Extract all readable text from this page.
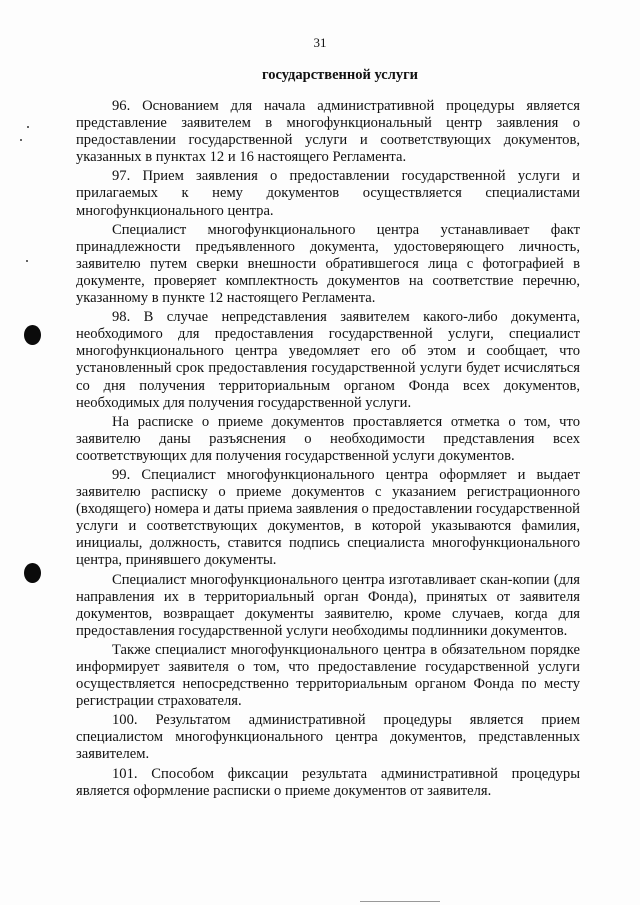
31
государственной услуги

96. Основанием для начала административной процедуры является представление заявителем в многофункциональный центр заявления о предоставлении государственной услуги и соответствующих документов, указанных в пунктах 12 и 16 настоящего Регламента.

97. Прием заявления о предоставлении государственной услуги и прилагаемых к нему документов осуществляется специалистами многофункционального центра.

Специалист многофункционального центра устанавливает факт принадлежности предъявленного документа, удостоверяющего личность, заявителю путем сверки внешности обратившегося лица с фотографией в документе, проверяет комплектность документов на соответствие перечню, указанному в пункте 12 настоящего Регламента.

98. В случае непредставления заявителем какого-либо документа, необходимого для предоставления государственной услуги, специалист многофункционального центра уведомляет его об этом и сообщает, что установленный срок предоставления государственной услуги будет исчисляться со дня получения территориальным органом Фонда всех документов, необходимых для получения государственной услуги.

На расписке о приеме документов проставляется отметка о том, что заявителю даны разъяснения о необходимости представления всех соответствующих для получения государственной услуги документов.

99. Специалист многофункционального центра оформляет и выдает заявителю расписку о приеме документов с указанием регистрационного (входящего) номера и даты приема заявления о предоставлении государственной услуги и соответствующих документов, в которой указываются фамилия, инициалы, должность, ставится подпись специалиста многофункционального центра, принявшего документы.

Специалист многофункционального центра изготавливает скан-копии (для направления их в территориальный орган Фонда), принятых от заявителя документов, возвращает документы заявителю, кроме случаев, когда для предоставления государственной услуги необходимы подлинники документов.

Также специалист многофункционального центра в обязательном порядке информирует заявителя о том, что предоставление государственной услуги осуществляется непосредственно территориальным органом Фонда по месту регистрации страхователя.

100. Результатом административной процедуры является прием специалистом многофункционального центра документов, представленных заявителем.

101. Способом фиксации результата административной процедуры является оформление расписки о приеме документов от заявителя.
